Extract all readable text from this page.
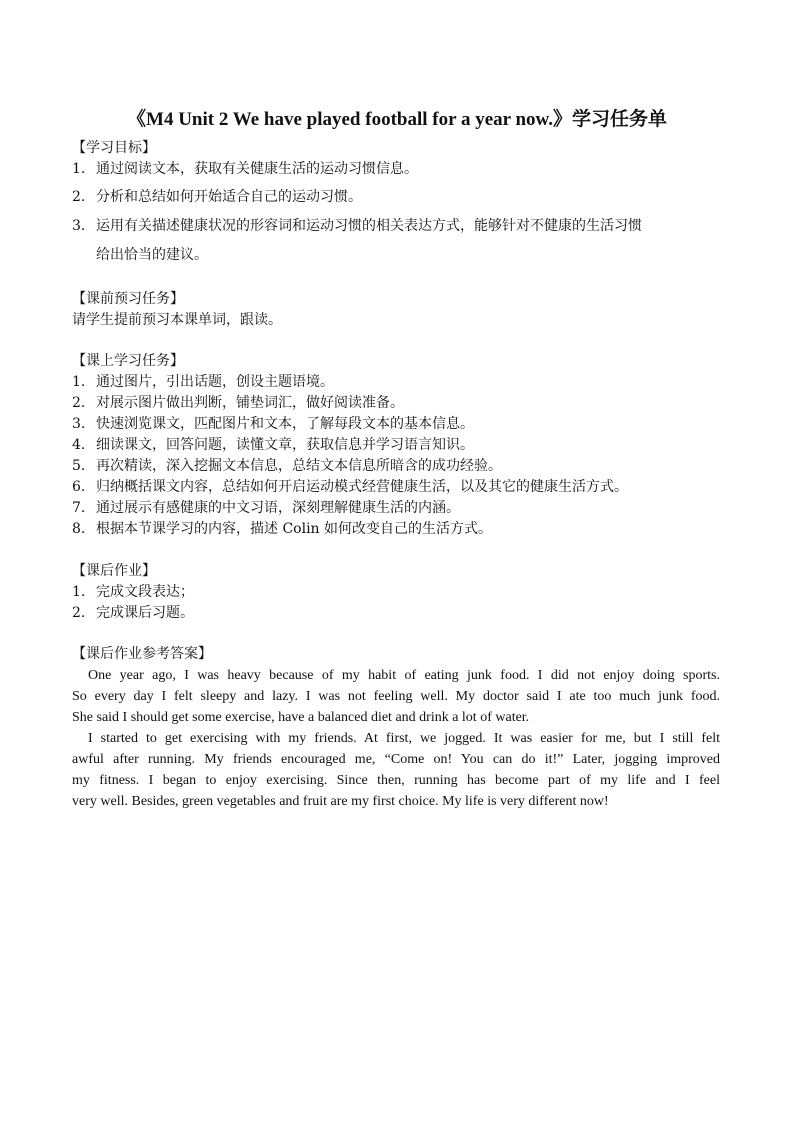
《M4 Unit 2 We have played football for a year now.》学习任务单
【学习目标】
1. 通过阅读文本，获取有关健康生活的运动习惯信息。
2. 分析和总结如何开始适合自己的运动习惯。
3. 运用有关描述健康状况的形容词和运动习惯的相关表达方式，能够针对不健康的生活习惯
给出恰当的建议。
【课前预习任务】
请学生提前预习本课单词，跟读。
【课上学习任务】
1. 通过图片，引出话题，创设主题语境。
2. 对展示图片做出判断，铺垫词汇，做好阅读准备。
3. 快速浏览课文，匹配图片和文本，了解每段文本的基本信息。
4. 细读课文，回答问题，读懂文章，获取信息并学习语言知识。
5. 再次精读，深入挖掘文本信息，总结文本信息所暗含的成功经验。
6. 归纳概括课文内容，总结如何开启运动模式经营健康生活，以及其它的健康生活方式。
7. 通过展示有感健康的中文习语，深刻理解健康生活的内涵。
8. 根据本节课学习的内容，描述 Colin 如何改变自己的生活方式。
【课后作业】
1. 完成文段表达；
2. 完成课后习题。
【课后作业参考答案】
One year ago, I was heavy because of my habit of eating junk food. I did not enjoy doing sports.
So every day I felt sleepy and lazy. I was not feeling well. My doctor said I ate too much junk food.
She said I should get some exercise, have a balanced diet and drink a lot of water.
I started to get exercising with my friends. At first, we jogged. It was easier for me, but I still felt
awful after running. My friends encouraged me, “Come on! You can do it!” Later, jogging improved
my fitness. I began to enjoy exercising. Since then, running has become part of my life and I feel
very well. Besides, green vegetables and fruit are my first choice. My life is very different now!
